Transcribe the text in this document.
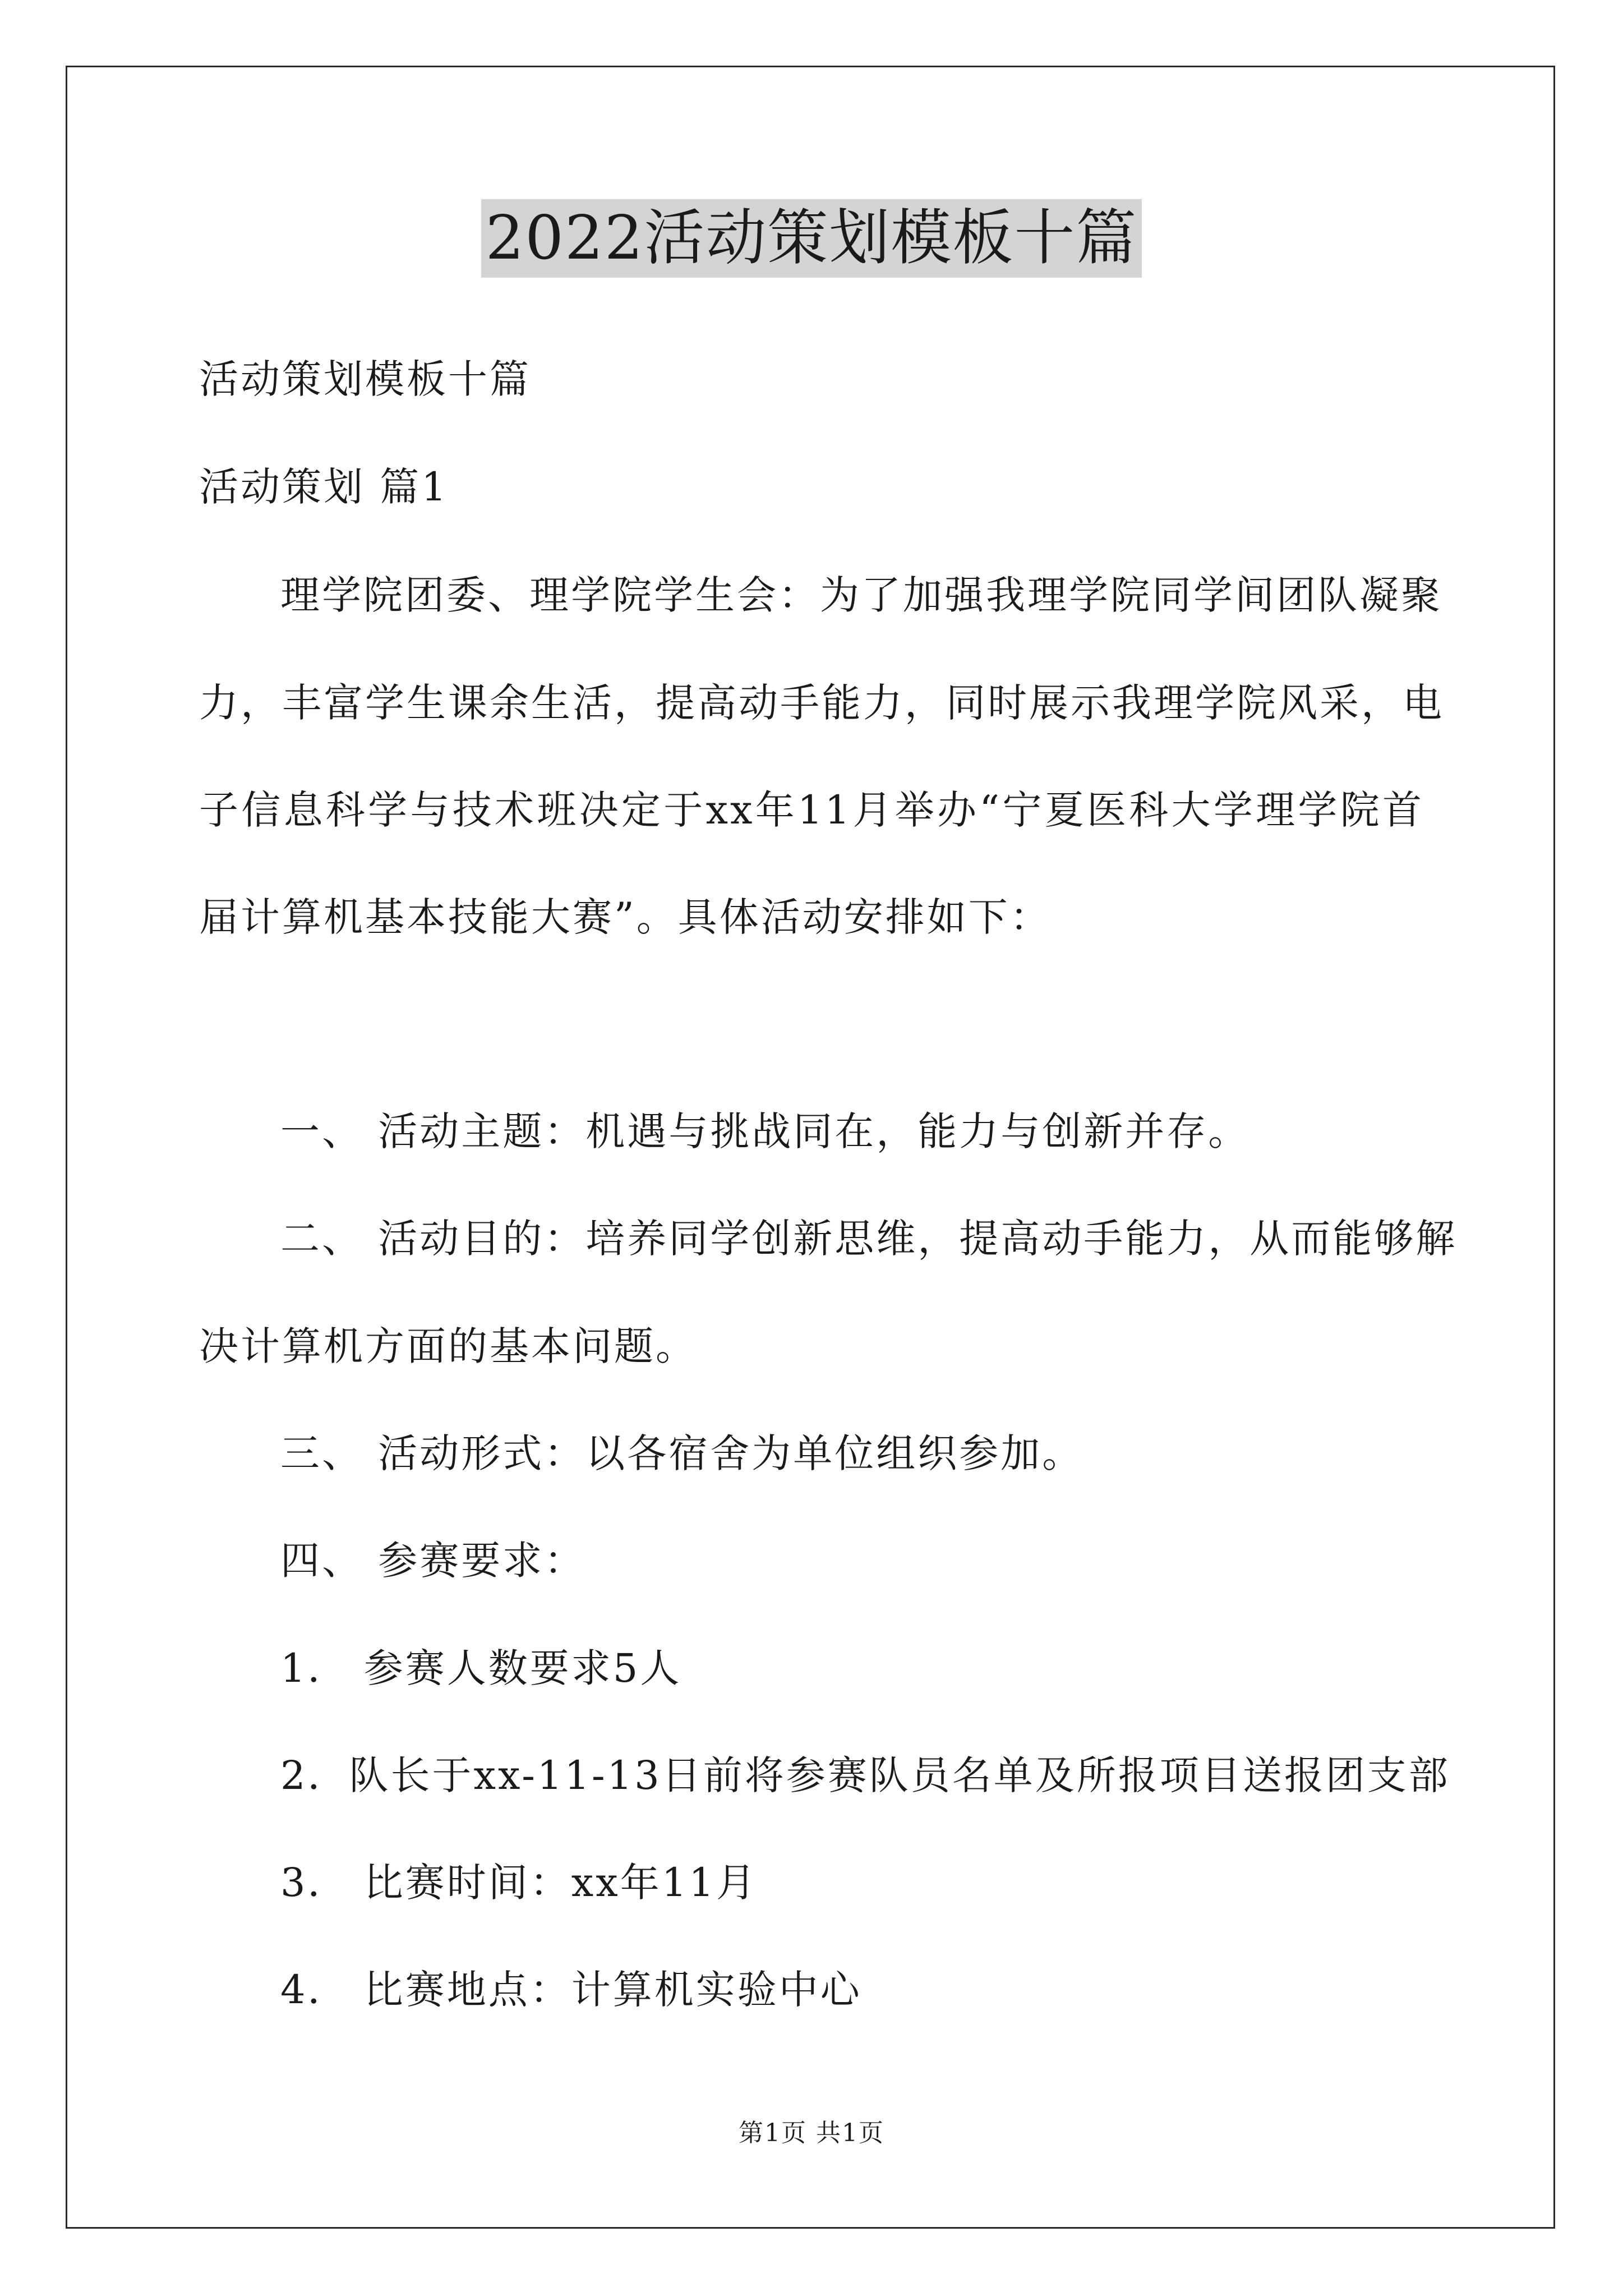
2022活动策划模板十篇
活动策划模板十篇
活动策划 篇1
理学院团委、理学院学生会：为了加强我理学院同学间团队凝聚
力，丰富学生课余生活，提高动手能力，同时展示我理学院风采，电
子信息科学与技术班决定于xx年11月举办“宁夏医科大学理学院首
届计算机基本技能大赛”。具体活动安排如下：
一、 活动主题：机遇与挑战同在，能力与创新并存。
二、 活动目的：培养同学创新思维，提高动手能力，从而能够解
决计算机方面的基本问题。
三、 活动形式：以各宿舍为单位组织参加。
四、 参赛要求：
1． 参赛人数要求5人
2．队长于xx-11-13日前将参赛队员名单及所报项目送报团支部
3． 比赛时间：xx年11月
4． 比赛地点：计算机实验中心
第1页 共1页
